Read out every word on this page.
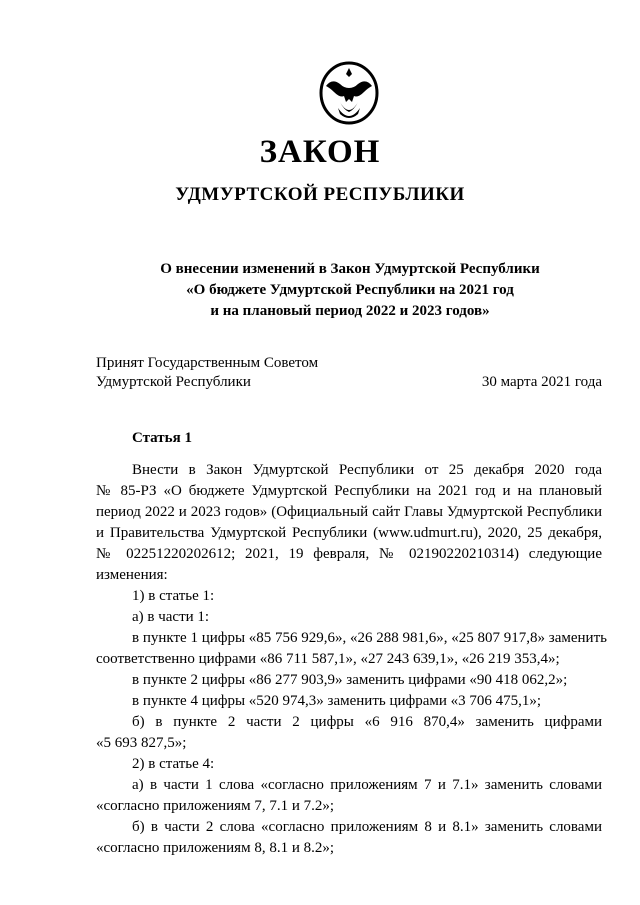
ЗАКОН
УДМУРТСКОЙ РЕСПУБЛИКИ
О внесении изменений в Закон Удмуртской Республики
«О бюджете Удмуртской Республики на 2021 год
и на плановый период 2022 и 2023 годов»
Принят Государственным Советом
Удмуртской Республики	30 марта 2021 года
Статья 1
Внести в Закон Удмуртской Республики от 25 декабря 2020 года
№ 85-РЗ «О бюджете Удмуртской Республики на 2021 год и на плановый
период 2022 и 2023 годов» (Официальный сайт Главы Удмуртской Республики
и Правительства Удмуртской Республики (www.udmurt.ru), 2020, 25 декабря,
№ 02251220202612; 2021, 19 февраля, № 02190220210314) следующие
изменения:
1) в статье 1:
а) в части 1:
в пункте 1 цифры «85 756 929,6», «26 288 981,6», «25 807 917,8» заменить
соответственно цифрами «86 711 587,1», «27 243 639,1», «26 219 353,4»;
в пункте 2 цифры «86 277 903,9» заменить цифрами «90 418 062,2»;
в пункте 4 цифры «520 974,3» заменить цифрами «3 706 475,1»;
б) в пункте 2 части 2 цифры «6 916 870,4» заменить цифрами
«5 693 827,5»;
2) в статье 4:
а) в части 1 слова «согласно приложениям 7 и 7.1» заменить словами
«согласно приложениям 7, 7.1 и 7.2»;
б) в части 2 слова «согласно приложениям 8 и 8.1» заменить словами
«согласно приложениям 8, 8.1 и 8.2»;
